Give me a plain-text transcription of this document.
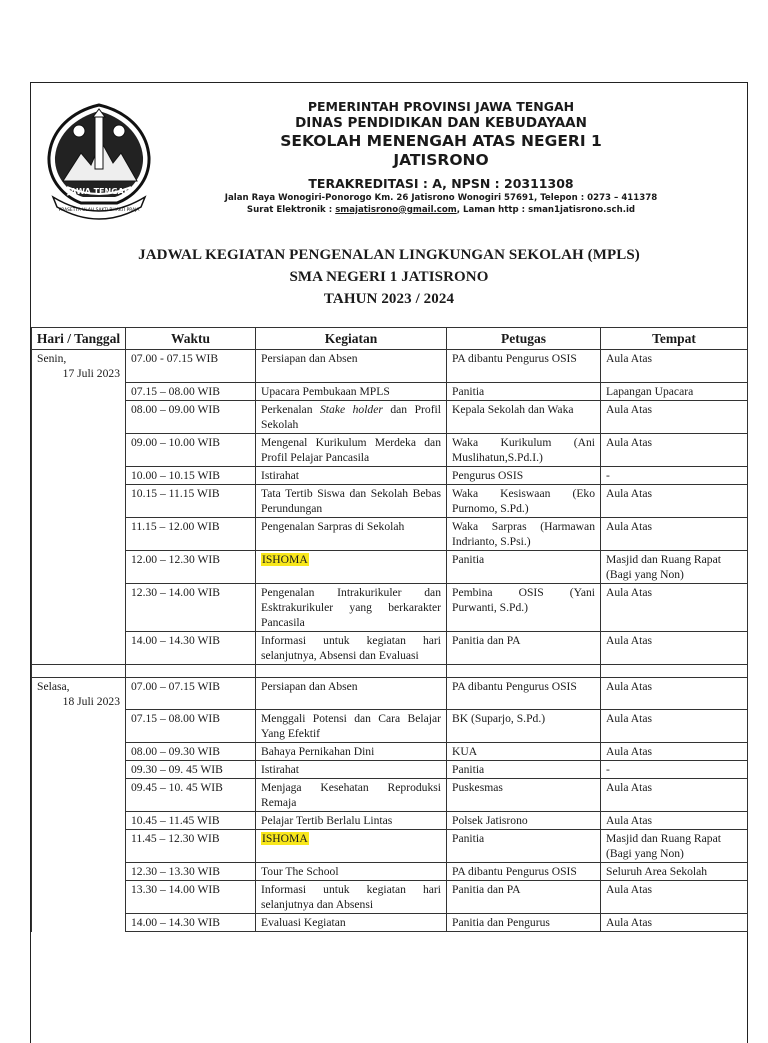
JAWA TENGAH
PRASETYA ULAH SAKTI BHAKTI PRAJA

PEMERINTAH PROVINSI JAWA TENGAH

DINAS PENDIDIKAN DAN KEBUDAYAAN

SEKOLAH MENENGAH ATAS NEGERI 1

JATISRONO

TERAKREDITASI : A, NPSN : 20311308

Jalan Raya Wonogiri-Ponorogo Km. 26 Jatisrono Wonogiri 57691, Telepon : 0273 – 411378

Surat Elektronik : smajatisrono@gmail.com, Laman http : sman1jatisrono.sch.id

JADWAL KEGIATAN PENGENALAN LINGKUNGAN SEKOLAH (MPLS)

SMA NEGERI 1 JATISRONO

TAHUN 2023 / 2024

Hari / Tanggal	Waktu	Kegiatan	Petugas	Tempat

Senin,
17 Juli 2023	07.00 - 07.15 WIB	Persiapan dan Absen	PA dibantu Pengurus OSIS	Aula Atas
	07.15 – 08.00 WIB	Upacara Pembukaan MPLS	Panitia	Lapangan Upacara
	08.00 – 09.00 WIB	Perkenalan Stake holder dan Profil Sekolah	Kepala Sekolah dan Waka	Aula Atas
	09.00 – 10.00 WIB	Mengenal Kurikulum Merdeka dan Profil Pelajar Pancasila	Waka Kurikulum (Ani Muslihatun,S.Pd.I.)	Aula Atas
	10.00 – 10.15 WIB	Istirahat	Pengurus OSIS	-
	10.15 – 11.15 WIB	Tata Tertib Siswa dan Sekolah Bebas Perundungan	Waka Kesiswaan (Eko Purnomo, S.Pd.)	Aula Atas
	11.15 – 12.00 WIB	Pengenalan Sarpras di Sekolah	Waka Sarpras (Harmawan Indrianto, S.Psi.)	Aula Atas
	12.00 – 12.30 WIB	ISHOMA	Panitia	Masjid dan Ruang Rapat (Bagi yang Non)
	12.30 – 14.00 WIB	Pengenalan Intrakurikuler dan Esktrakurikuler yang berkarakter Pancasila	Pembina OSIS (Yani Purwanti, S.Pd.)	Aula Atas
	14.00 – 14.30 WIB	Informasi untuk kegiatan hari selanjutnya, Absensi dan Evaluasi	Panitia dan PA	Aula Atas

Selasa,
18 Juli 2023	07.00 – 07.15 WIB	Persiapan dan Absen	PA dibantu Pengurus OSIS	Aula Atas
	07.15 – 08.00 WIB	Menggali Potensi dan Cara Belajar Yang Efektif	BK (Suparjo, S.Pd.)	Aula Atas
	08.00 – 09.30 WIB	Bahaya Pernikahan Dini	KUA	Aula Atas
	09.30 – 09. 45 WIB	Istirahat	Panitia	-
	09.45 – 10. 45 WIB	Menjaga Kesehatan Reproduksi Remaja	Puskesmas	Aula Atas
	10.45 – 11.45 WIB	Pelajar Tertib Berlalu Lintas	Polsek Jatisrono	Aula Atas
	11.45 – 12.30 WIB	ISHOMA	Panitia	Masjid dan Ruang Rapat (Bagi yang Non)
	12.30 – 13.30 WIB	Tour The School	PA dibantu Pengurus OSIS	Seluruh Area Sekolah
	13.30 – 14.00 WIB	Informasi untuk kegiatan hari selanjutnya dan Absensi	Panitia dan PA	Aula Atas
	14.00 – 14.30 WIB	Evaluasi Kegiatan	Panitia dan Pengurus	Aula Atas
